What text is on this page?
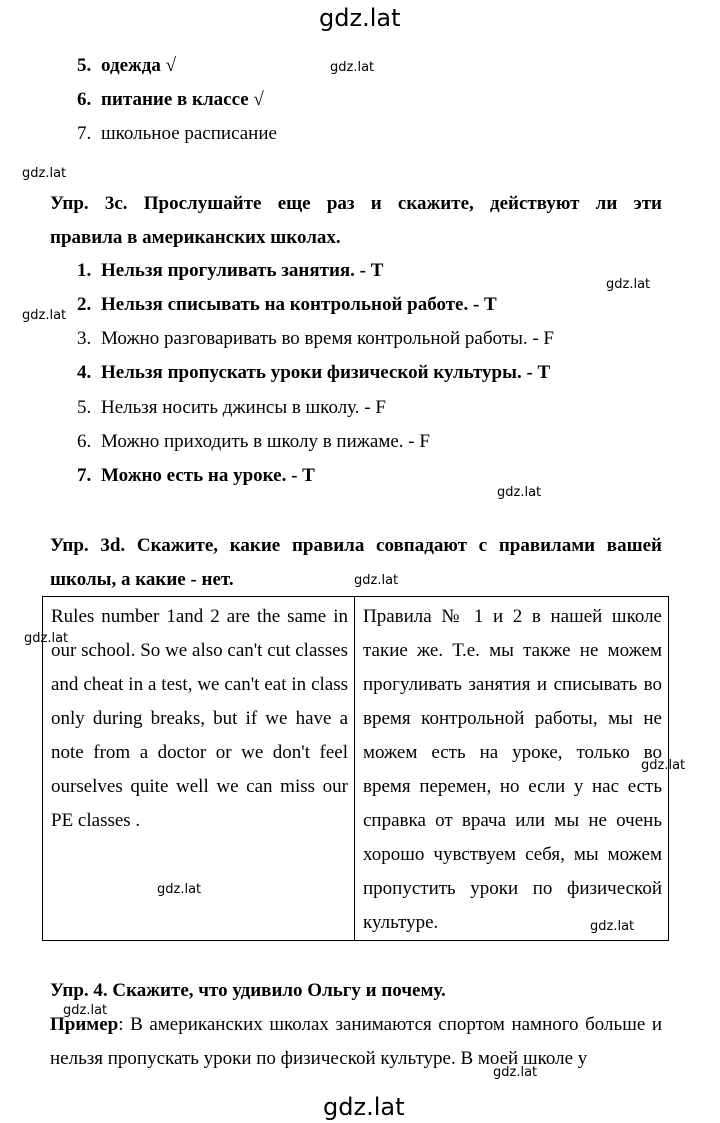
gdz.lat
gdz.lat
gdz.lat
gdz.lat
gdz.lat
gdz.lat
gdz.lat
gdz.lat
gdz.lat
gdz.lat
gdz.lat
gdz.lat
gdz.lat
gdz.lat
5. одежда √
6. питание в классе √
7. школьное расписание
Упр. 3c. Прослушайте еще раз и скажите, действуют ли эти
правила в американских школах.
1. Нельзя прогуливать занятия. - T
2. Нельзя списывать на контрольной работе. - T
3. Можно разговаривать во время контрольной работы. - F
4. Нельзя пропускать уроки физической культуры. - T
5. Нельзя носить джинсы в школу. - F
6. Можно приходить в школу в пижаме. - F
7. Можно есть на уроке. - T
Упр. 3d. Скажите, какие правила совпадают с правилами вашей
школы, а какие - нет.
Rules number 1and 2 are the same in our school. So we also can't cut classes and cheat in a test, we can't eat in class only during breaks, but if we have a note from a doctor or we don't feel ourselves quite well we can miss our PE classes .
Правила № 1 и 2 в нашей школе такие же. Т.е. мы также не можем прогуливать занятия и списывать во время контрольной работы, мы не можем есть на уроке, только во время перемен, но если у нас есть справка от врача или мы не очень хорошо чувствуем себя, мы можем пропустить уроки по физической культуре.
Упр. 4. Скажите, что удивило Ольгу и почему.
Пример: В американских школах занимаются спортом намного больше и нельзя пропускать уроки по физической культуре. В моей школе у
